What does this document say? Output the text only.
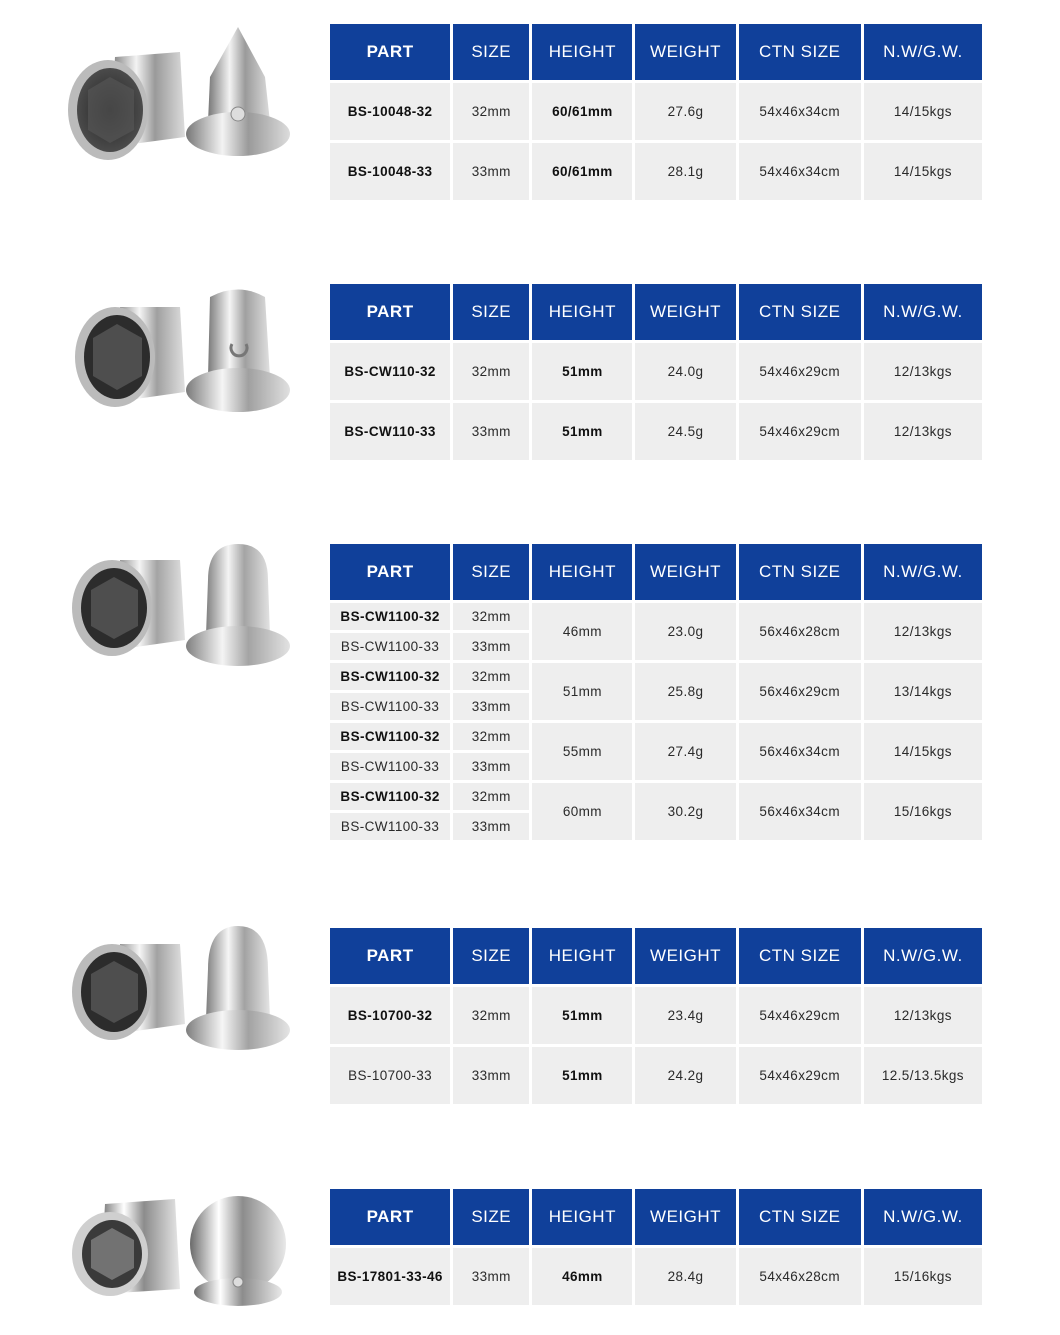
PART	SIZE	HEIGHT	WEIGHT	CTN SIZE	N.W/G.W.
BS-10048-32	32mm	60/61mm	27.6g	54x46x34cm	14/15kgs
BS-10048-33	33mm	60/61mm	28.1g	54x46x34cm	14/15kgs
PART	SIZE	HEIGHT	WEIGHT	CTN SIZE	N.W/G.W.
BS-CW110-32	32mm	51mm	24.0g	54x46x29cm	12/13kgs
BS-CW110-33	33mm	51mm	24.5g	54x46x29cm	12/13kgs
PART	SIZE	HEIGHT	WEIGHT	CTN SIZE	N.W/G.W.
BS-CW1100-32	32mm	46mm	23.0g	56x46x28cm	12/13kgs
BS-CW1100-33	33mm				
BS-CW1100-32	32mm	51mm	25.8g	56x46x29cm	13/14kgs
BS-CW1100-33	33mm				
BS-CW1100-32	32mm	55mm	27.4g	56x46x34cm	14/15kgs
BS-CW1100-33	33mm				
BS-CW1100-32	32mm	60mm	30.2g	56x46x34cm	15/16kgs
BS-CW1100-33	33mm				
PART	SIZE	HEIGHT	WEIGHT	CTN SIZE	N.W/G.W.
BS-10700-32	32mm	51mm	23.4g	54x46x29cm	12/13kgs
BS-10700-33	33mm	51mm	24.2g	54x46x29cm	12.5/13.5kgs
PART	SIZE	HEIGHT	WEIGHT	CTN SIZE	N.W/G.W.
BS-17801-33-46	33mm	46mm	28.4g	54x46x28cm	15/16kgs
